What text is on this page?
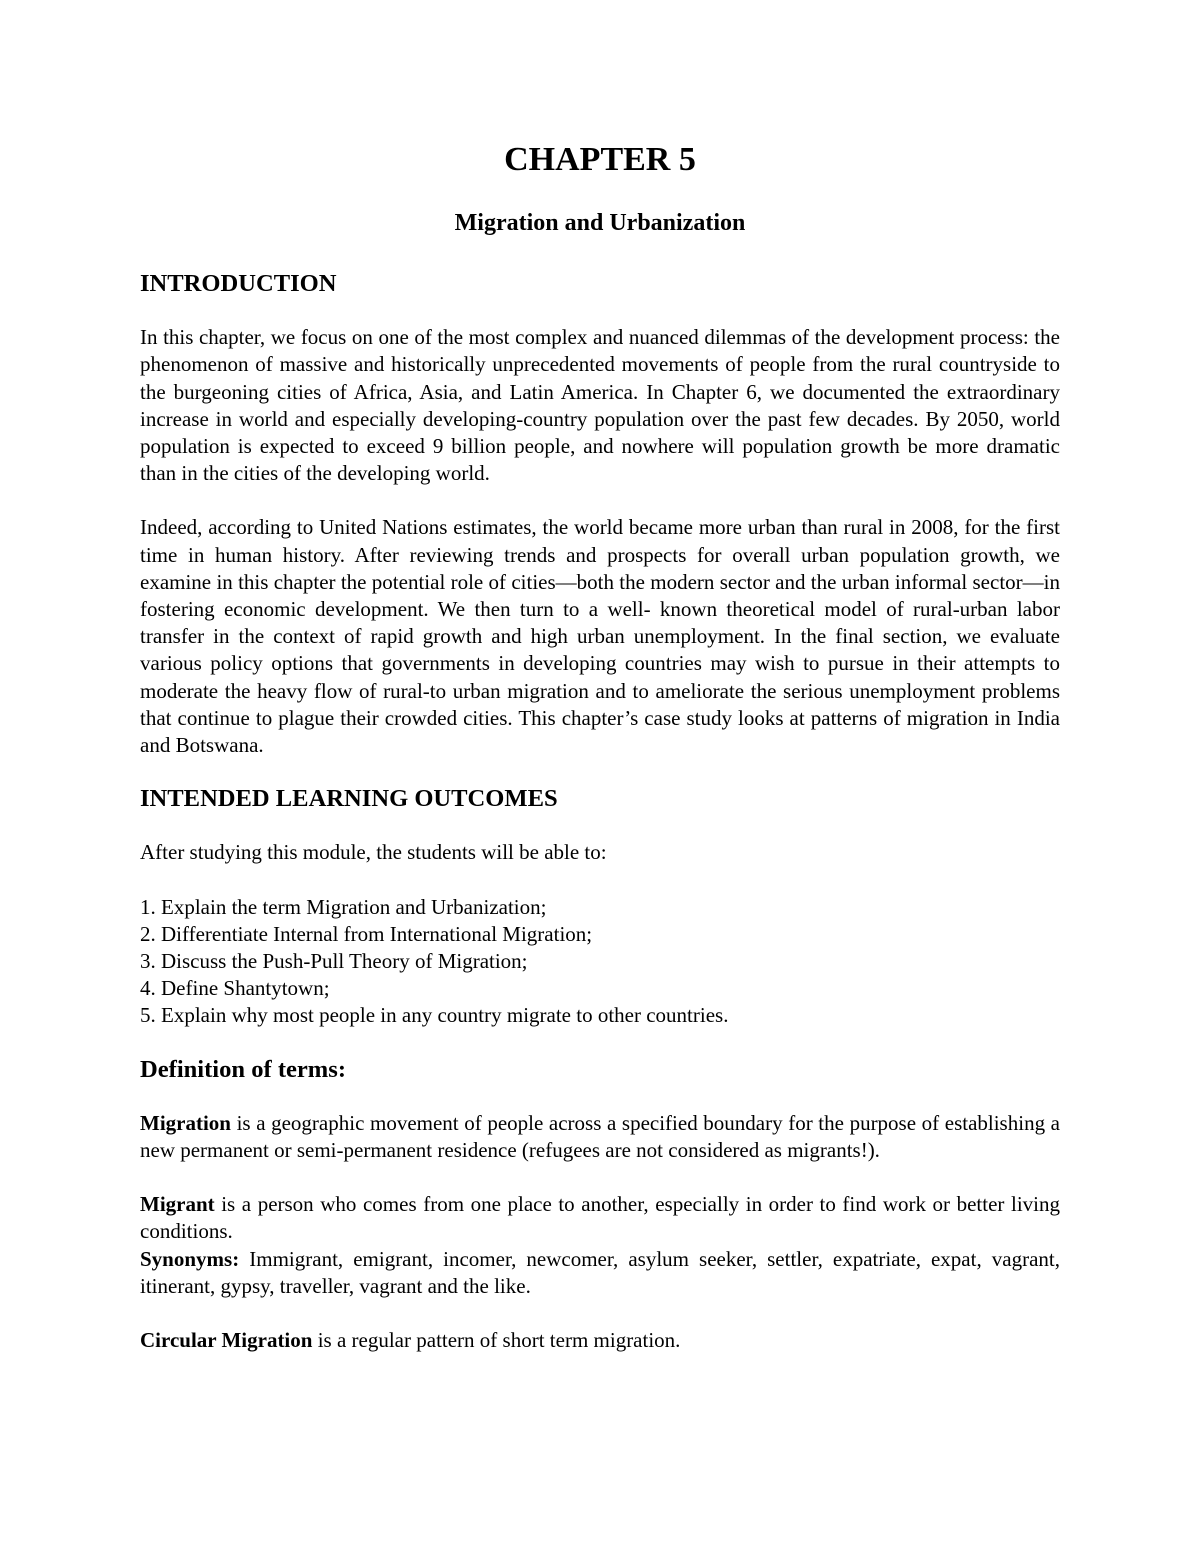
CHAPTER 5
Migration and Urbanization
INTRODUCTION

In this chapter, we focus on one of the most complex and nuanced dilemmas of the development process: the phenomenon of massive and historically unprecedented movements of people from the rural countryside to the burgeoning cities of Africa, Asia, and Latin America. In Chapter 6, we documented the extraordinary increase in world and especially developing-country population over the past few decades. By 2050, world population is expected to exceed 9 billion people, and nowhere will population growth be more dramatic than in the cities of the developing world.

Indeed, according to United Nations estimates, the world became more urban than rural in 2008, for the first time in human history. After reviewing trends and prospects for overall urban population growth, we examine in this chapter the potential role of cities—both the modern sector and the urban informal sector—in fostering economic development. We then turn to a well- known theoretical model of rural-urban labor transfer in the context of rapid growth and high urban unemployment. In the final section, we evaluate various policy options that governments in developing countries may wish to pursue in their attempts to moderate the heavy flow of rural-to urban migration and to ameliorate the serious unemployment problems that continue to plague their crowded cities. This chapter’s case study looks at patterns of migration in India and Botswana.

INTENDED LEARNING OUTCOMES

After studying this module, the students will be able to:

1. Explain the term Migration and Urbanization;
2. Differentiate Internal from International Migration;
3. Discuss the Push-Pull Theory of Migration;
4. Define Shantytown;
5. Explain why most people in any country migrate to other countries.
Definition of terms:

Migration is a geographic movement of people across a specified boundary for the purpose of establishing a new permanent or semi-permanent residence (refugees are not considered as migrants!).

Migrant is a person who comes from one place to another, especially in order to find work or better living conditions.

Synonyms: Immigrant, emigrant, incomer, newcomer, asylum seeker, settler, expatriate, expat, vagrant, itinerant, gypsy, traveller, vagrant and the like.

Circular Migration is a regular pattern of short term migration.
